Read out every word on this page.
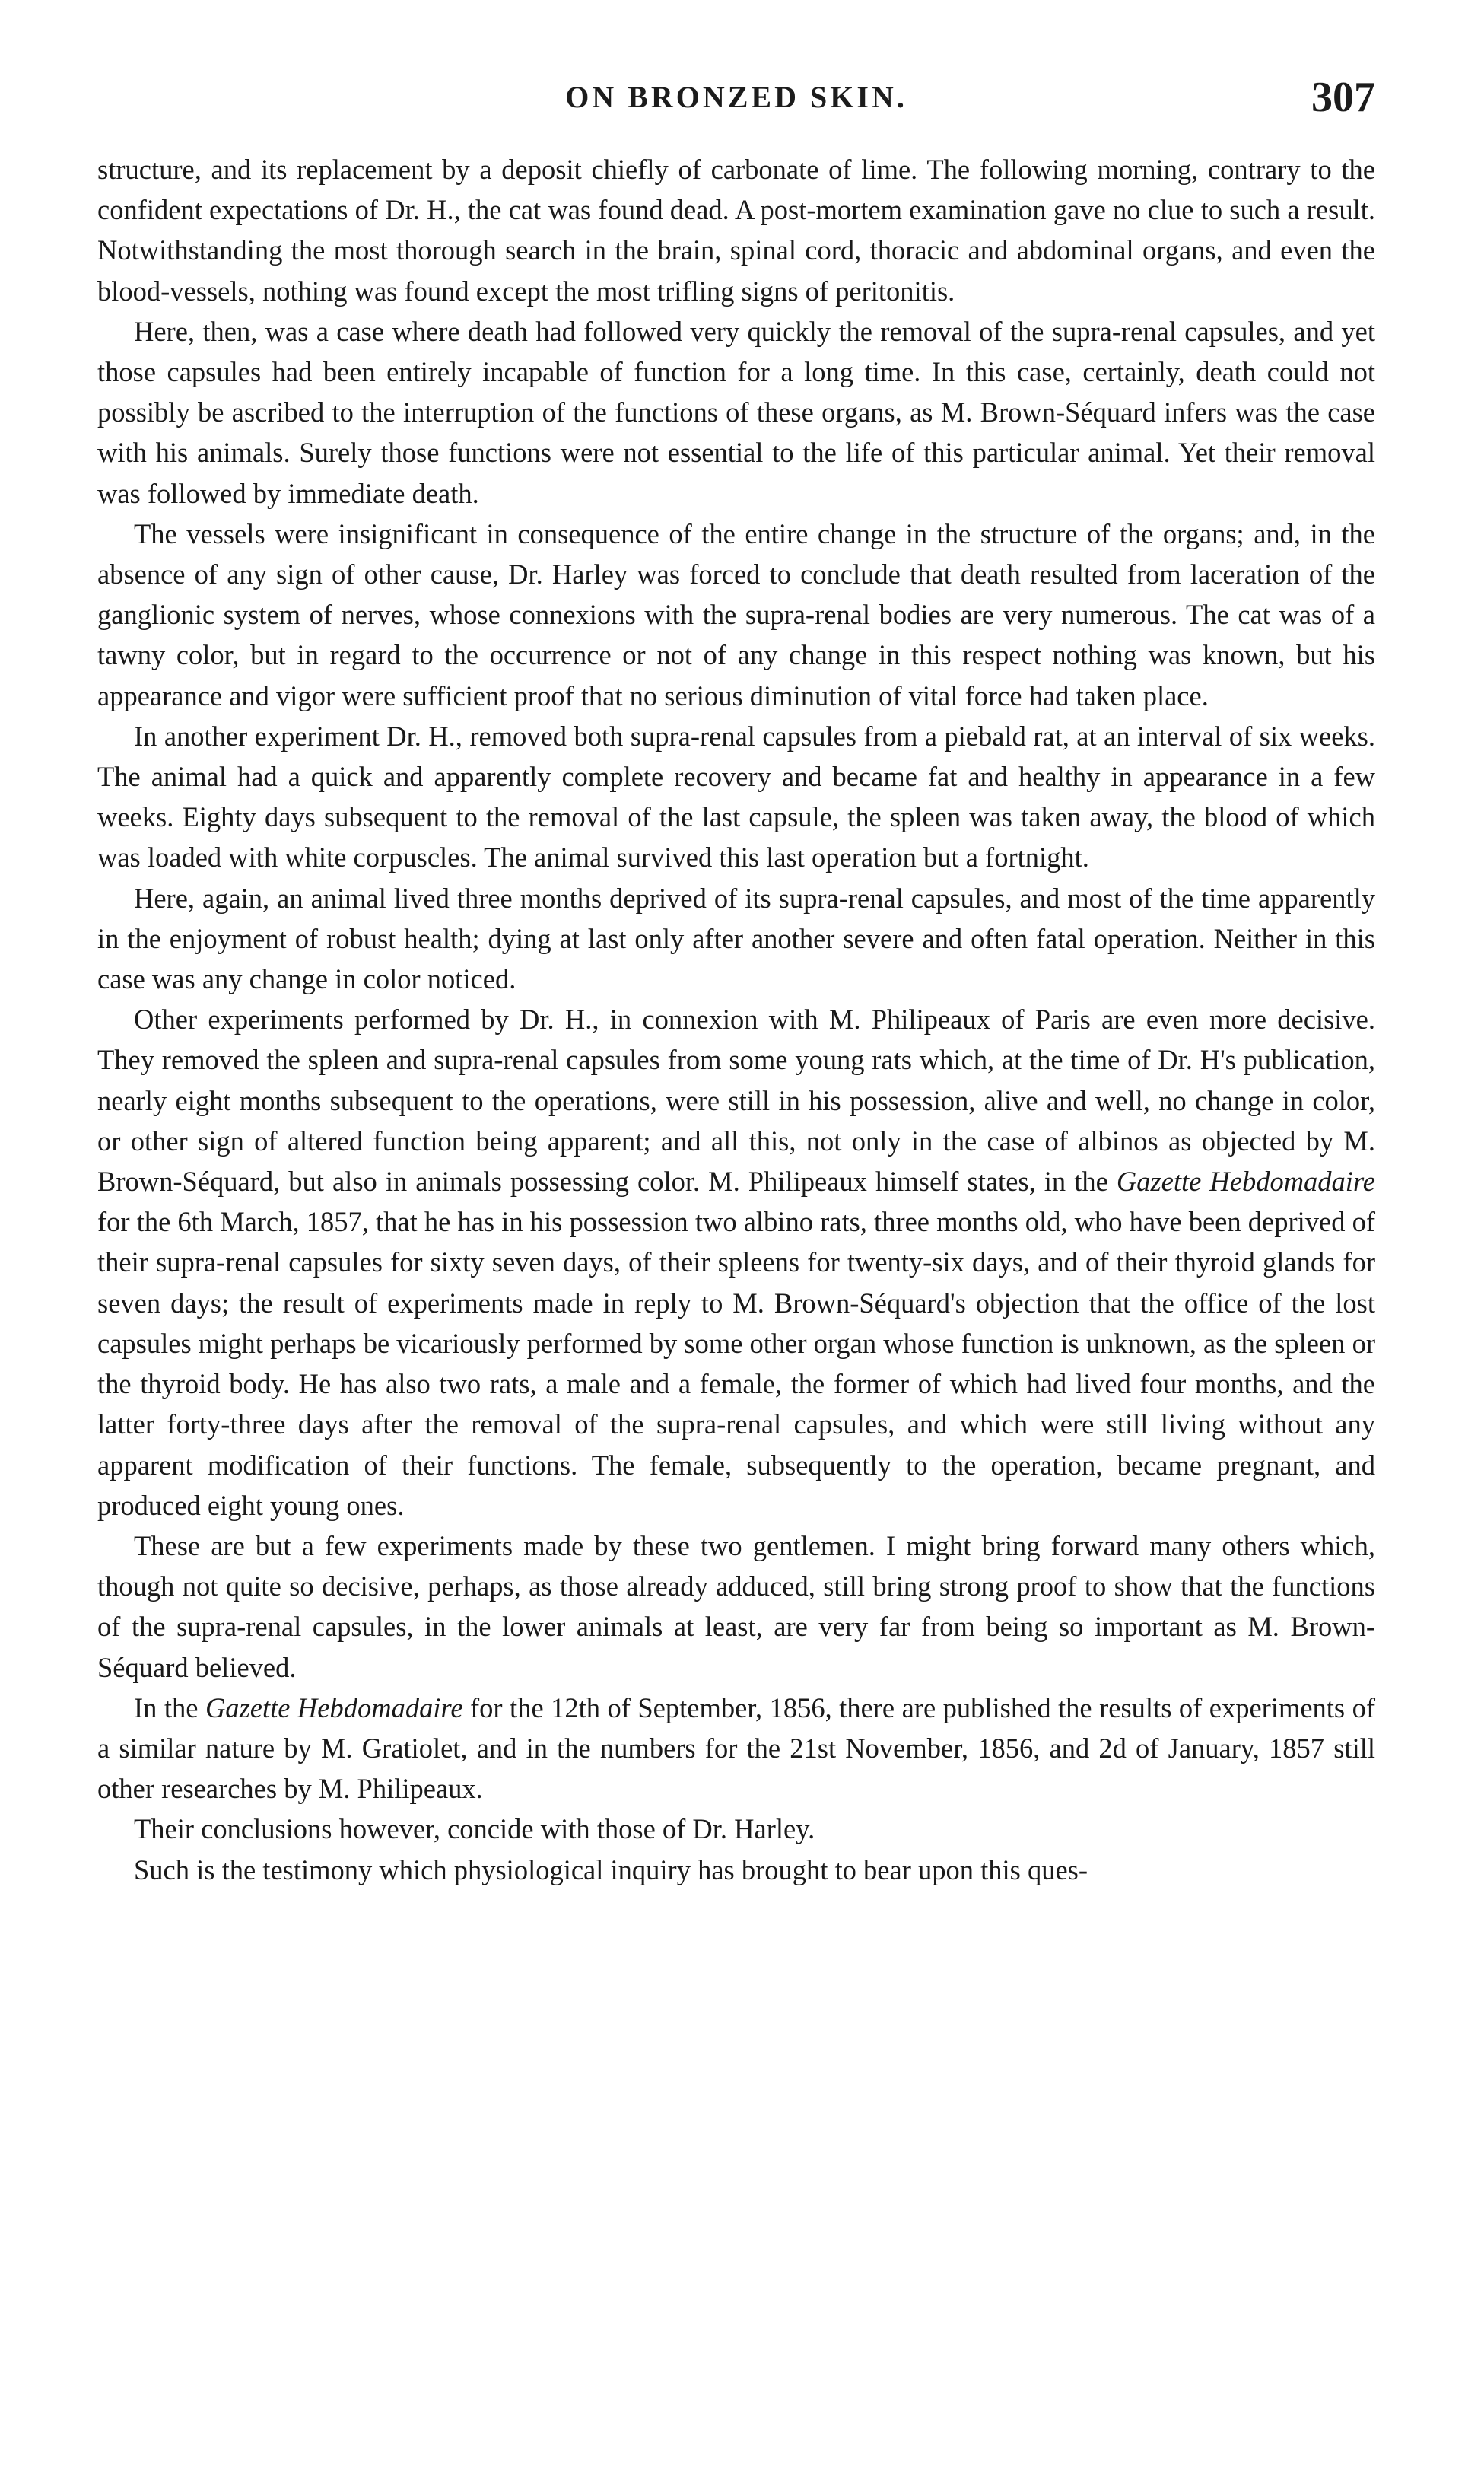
ON BRONZED SKIN.	307

structure, and its replacement by a deposit chiefly of carbonate of lime. The following morning, contrary to the confident expectations of Dr. H., the cat was found dead. A post-mortem examination gave no clue to such a result. Notwithstanding the most thorough search in the brain, spinal cord, thoracic and abdominal organs, and even the blood-vessels, nothing was found except the most trifling signs of peritonitis.

Here, then, was a case where death had followed very quickly the removal of the supra-renal capsules, and yet those capsules had been entirely incapable of function for a long time. In this case, certainly, death could not possibly be ascribed to the interruption of the functions of these organs, as M. Brown-Séquard infers was the case with his animals. Surely those functions were not essential to the life of this particular animal. Yet their removal was followed by immediate death.

The vessels were insignificant in consequence of the entire change in the structure of the organs; and, in the absence of any sign of other cause, Dr. Harley was forced to conclude that death resulted from laceration of the ganglionic system of nerves, whose connexions with the supra-renal bodies are very numerous. The cat was of a tawny color, but in regard to the occurrence or not of any change in this respect nothing was known, but his appearance and vigor were sufficient proof that no serious diminution of vital force had taken place.

In another experiment Dr. H., removed both supra-renal capsules from a piebald rat, at an interval of six weeks. The animal had a quick and apparently complete recovery and became fat and healthy in appearance in a few weeks. Eighty days subsequent to the removal of the last capsule, the spleen was taken away, the blood of which was loaded with white corpuscles. The animal survived this last operation but a fortnight.

Here, again, an animal lived three months deprived of its supra-renal capsules, and most of the time apparently in the enjoyment of robust health; dying at last only after another severe and often fatal operation. Neither in this case was any change in color noticed.

Other experiments performed by Dr. H., in connexion with M. Philipeaux of Paris are even more decisive. They removed the spleen and supra-renal capsules from some young rats which, at the time of Dr. H's publication, nearly eight months subsequent to the operations, were still in his possession, alive and well, no change in color, or other sign of altered function being apparent; and all this, not only in the case of albinos as objected by M. Brown-Séquard, but also in animals possessing color. M. Philipeaux himself states, in the Gazette Hebdomadaire for the 6th March, 1857, that he has in his possession two albino rats, three months old, who have been deprived of their supra-renal capsules for sixty seven days, of their spleens for twenty-six days, and of their thyroid glands for seven days; the result of experiments made in reply to M. Brown-Séquard's objection that the office of the lost capsules might perhaps be vicariously performed by some other organ whose function is unknown, as the spleen or the thyroid body. He has also two rats, a male and a female, the former of which had lived four months, and the latter forty-three days after the removal of the supra-renal capsules, and which were still living without any apparent modification of their functions. The female, subsequently to the operation, became pregnant, and produced eight young ones.

These are but a few experiments made by these two gentlemen. I might bring forward many others which, though not quite so decisive, perhaps, as those already adduced, still bring strong proof to show that the functions of the supra-renal capsules, in the lower animals at least, are very far from being so important as M. Brown-Séquard believed.

In the Gazette Hebdomadaire for the 12th of September, 1856, there are published the results of experiments of a similar nature by M. Gratiolet, and in the numbers for the 21st November, 1856, and 2d of January, 1857 still other researches by M. Philipeaux.

Their conclusions however, concide with those of Dr. Harley.

Such is the testimony which physiological inquiry has brought to bear upon this ques-
